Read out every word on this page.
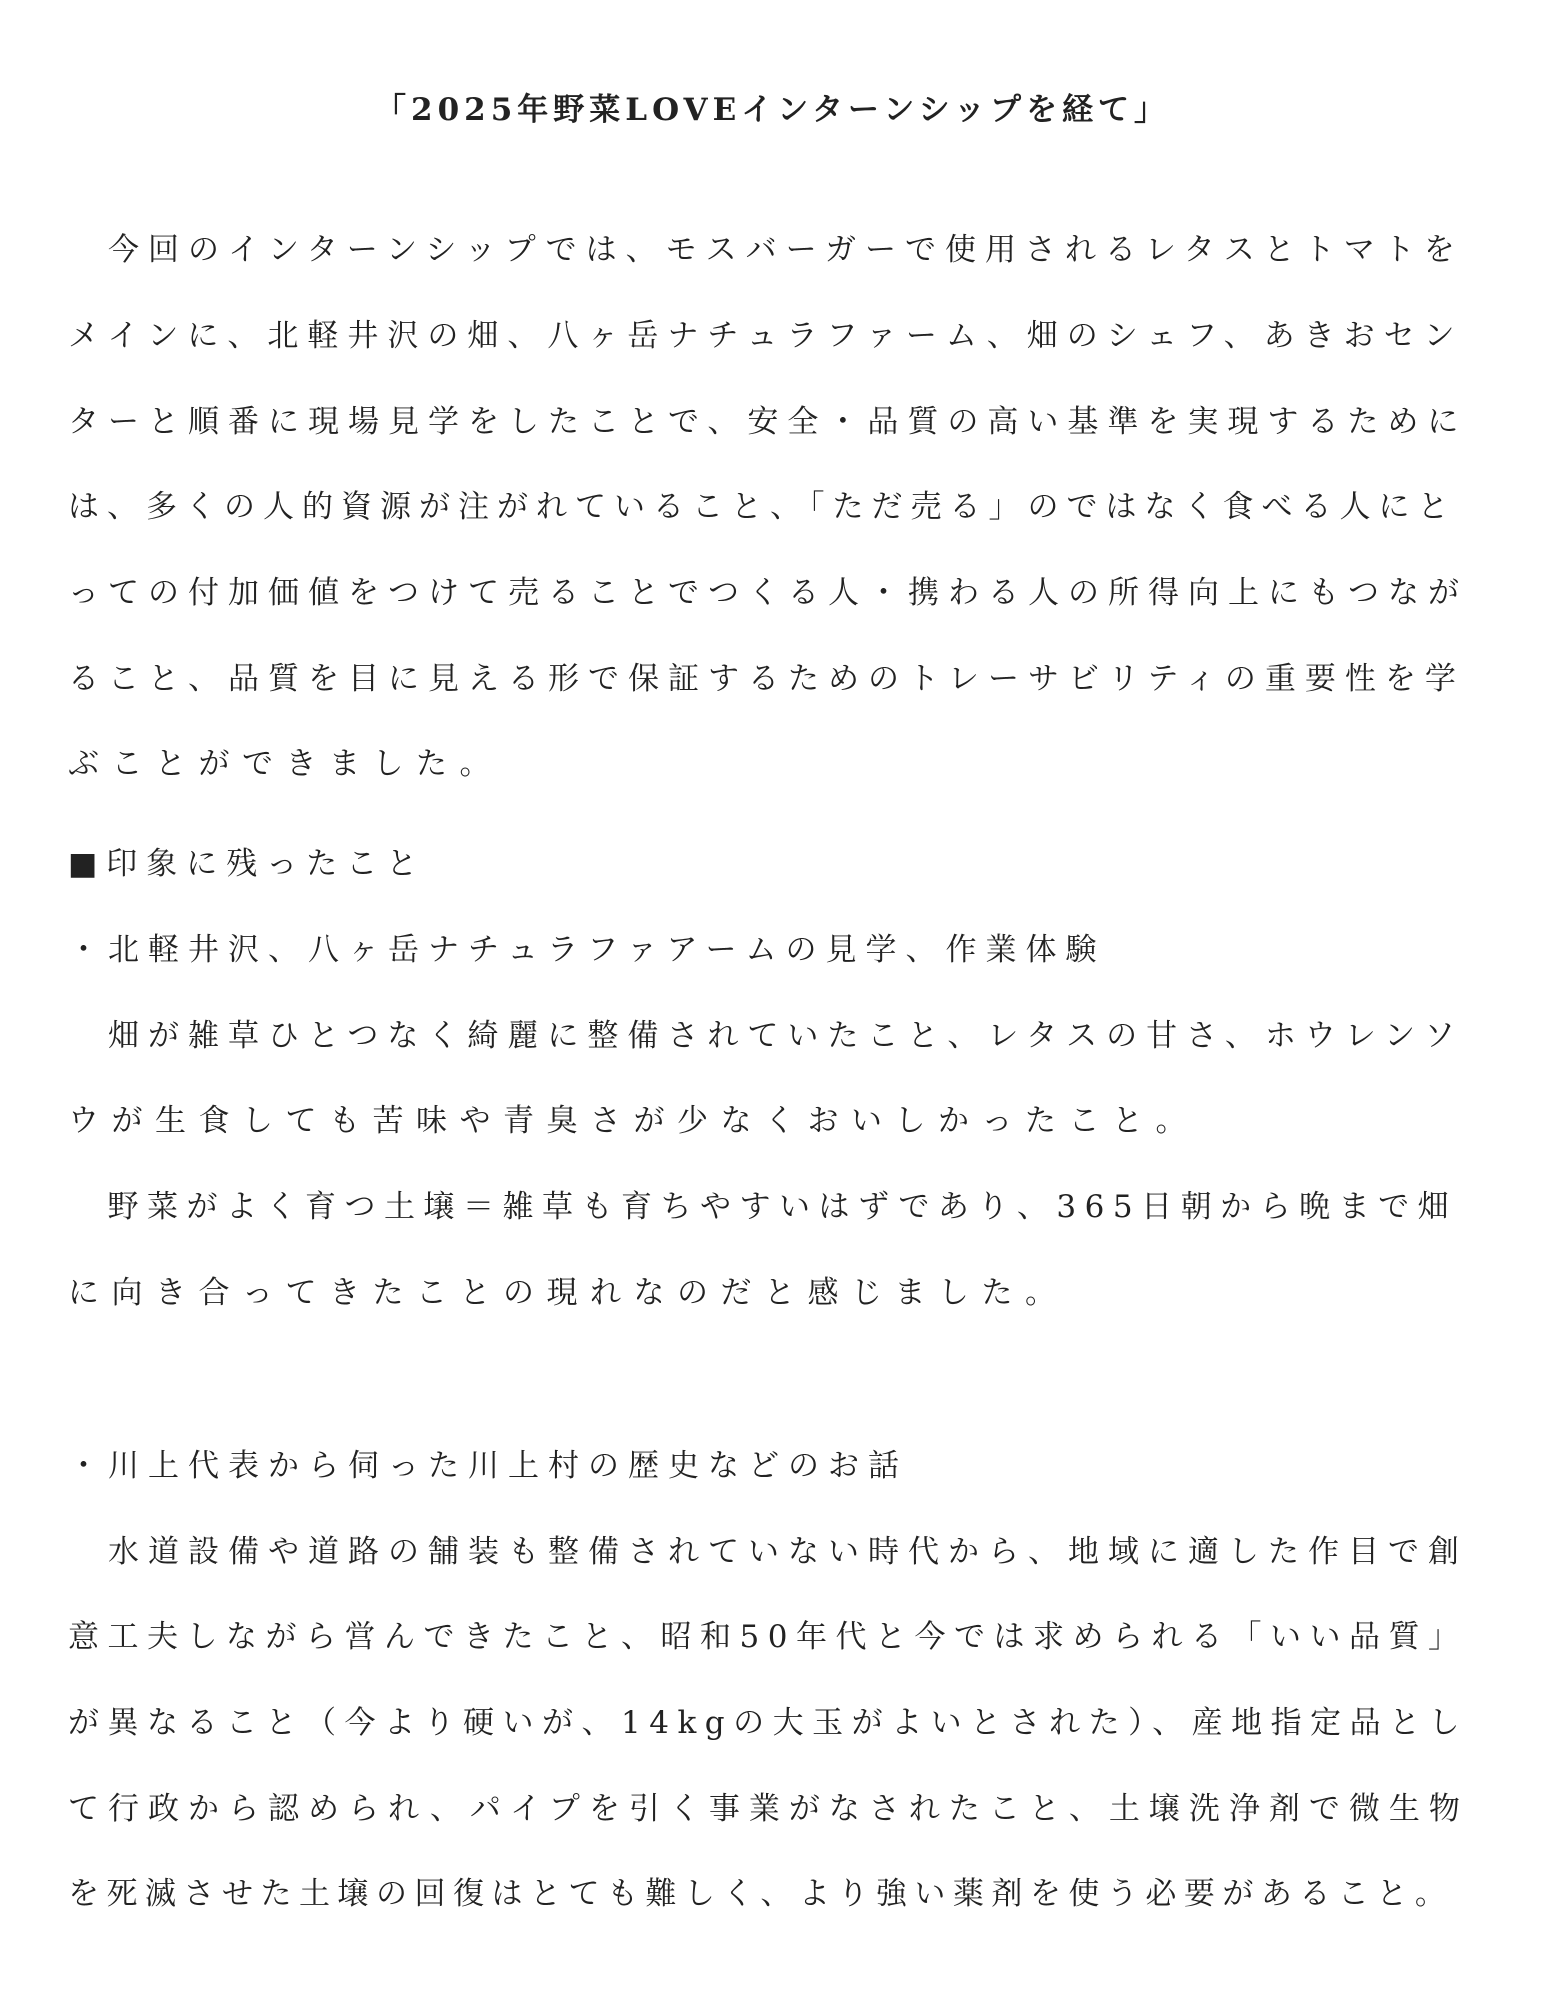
「2025年野菜LOVEインターンシップを経て」
　今回のインターンシップでは、モスバーガーで使用されるレタスとトマトを
メインに、北軽井沢の畑、八ヶ岳ナチュラファーム、畑のシェフ、あきおセン
ターと順番に現場見学をしたことで、安全・品質の高い基準を実現するために
は、多くの人的資源が注がれていること、「ただ売る」のではなく食べる人にと
っての付加価値をつけて売ることでつくる人・携わる人の所得向上にもつなが
ること、品質を目に見える形で保証するためのトレーサビリティの重要性を学
ぶことができました。
■印象に残ったこと
・北軽井沢、八ヶ岳ナチュラファアームの見学、作業体験
　畑が雑草ひとつなく綺麗に整備されていたこと、レタスの甘さ、ホウレンソ
ウが生食しても苦味や青臭さが少なくおいしかったこと。
　野菜がよく育つ土壌＝雑草も育ちやすいはずであり、365日朝から晩まで畑
に向き合ってきたことの現れなのだと感じました。
・川上代表から伺った川上村の歴史などのお話
　水道設備や道路の舗装も整備されていない時代から、地域に適した作目で創
意工夫しながら営んできたこと、昭和50年代と今では求められる「いい品質」
が異なること（今より硬いが、14kgの大玉がよいとされた）、産地指定品とし
て行政から認められ、パイプを引く事業がなされたこと、土壌洗浄剤で微生物
を死滅させた土壌の回復はとても難しく、より強い薬剤を使う必要があること。
